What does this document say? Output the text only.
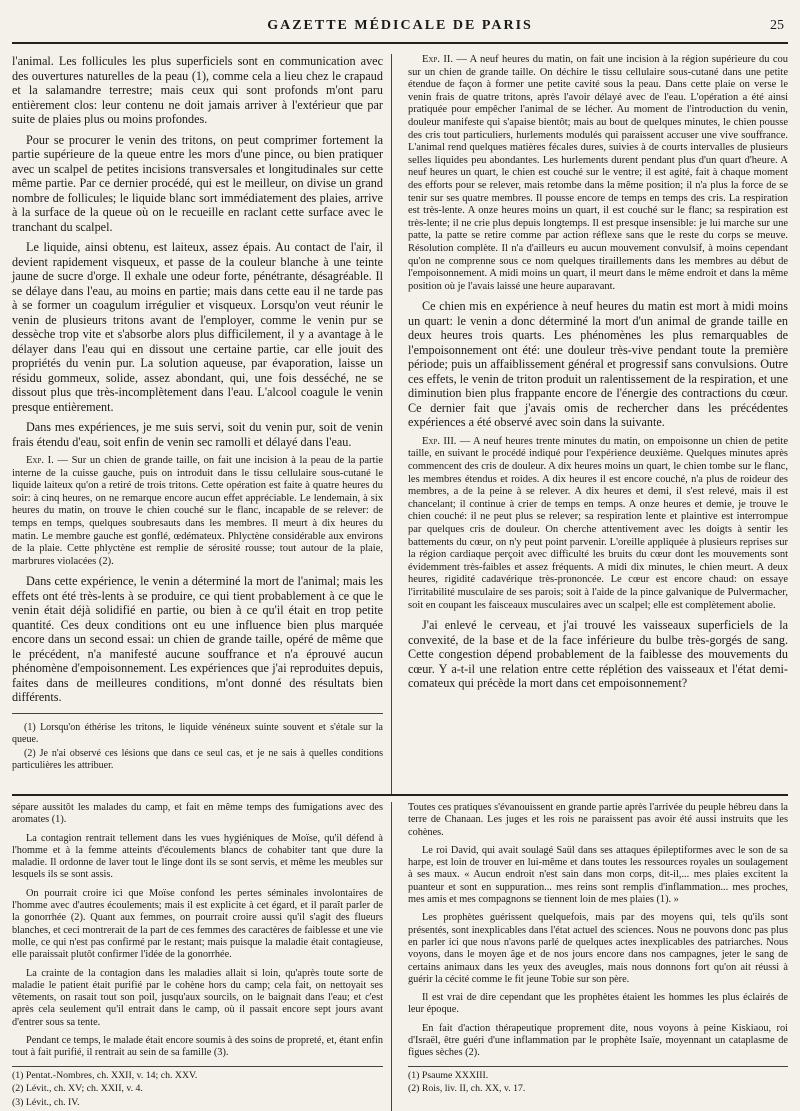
GAZETTE MÉDICALE DE PARIS	25

l'animal. Les follicules les plus superficiels sont en communication avec des ouvertures naturelles de la peau (1), comme cela a lieu chez le crapaud et la salamandre terrestre; mais ceux qui sont profonds m'ont paru entièrement clos: leur contenu ne doit jamais arriver à l'extérieur que par suite de plaies plus ou moins profondes.

Pour se procurer le venin des tritons, on peut comprimer fortement la partie supérieure de la queue entre les mors d'une pince, ou bien pratiquer avec un scalpel de petites incisions transversales et longitudinales sur cette même partie. Par ce dernier procédé, qui est le meilleur, on divise un grand nombre de follicules; le liquide blanc sort immédiatement des plaies, arrive à la surface de la queue où on le recueille en raclant cette surface avec le tranchant du scalpel.

Le liquide, ainsi obtenu, est laiteux, assez épais. Au contact de l'air, il devient rapidement visqueux, et passe de la couleur blanche à une teinte jaune de sucre d'orge. Il exhale une odeur forte, pénétrante, désagréable. Il se délaye dans l'eau, au moins en partie; mais dans cette eau il ne tarde pas à se former un coagulum irrégulier et visqueux. Lorsqu'on veut réunir le venin de plusieurs tritons avant de l'employer, comme le venin pur se dessèche trop vite et s'absorbe alors plus difficilement, il y a avantage à le délayer dans l'eau qui en dissout une certaine partie, car elle jouit des propriétés du venin pur. La solution aqueuse, par évaporation, laisse un résidu gommeux, solide, assez abondant, qui, une fois desséché, ne se dissout plus que très-incomplètement dans l'eau. L'alcool coagule le venin presque entièrement.

Dans mes expériences, je me suis servi, soit du venin pur, soit de venin frais étendu d'eau, soit enfin de venin sec ramolli et délayé dans l'eau.

Exp. I. — Sur un chien de grande taille, on fait une incision à la peau de la partie interne de la cuisse gauche, puis on introduit dans le tissu cellulaire sous-cutané le liquide laiteux qu'on a retiré de trois tritons. Cette opération est faite à quatre heures du soir: à cinq heures, on ne remarque encore aucun effet appréciable. Le lendemain, à six heures du matin, on trouve le chien couché sur le flanc, incapable de se relever: de temps en temps, quelques soubresauts dans les membres. Il meurt à dix heures du matin. Le membre gauche est gonflé, œdémateux. Phlyctène considérable aux environs de la plaie. Cette phlyctène est remplie de sérosité rousse; tout autour de la plaie, marbrures violacées (2).

Dans cette expérience, le venin a déterminé la mort de l'animal; mais les effets ont été très-lents à se produire, ce qui tient probablement à ce que le venin était déjà solidifié en partie, ou bien à ce qu'il était en trop petite quantité. Ces deux conditions ont eu une influence bien plus marquée encore dans un second essai: un chien de grande taille, opéré de même que le précédent, n'a manifesté aucune souffrance et n'a éprouvé aucun phénomène d'empoisonnement. Les expériences que j'ai reproduites depuis, faites dans de meilleures conditions, m'ont donné des résultats bien différents.

(1) Lorsqu'on éthérise les tritons, le liquide vénéneux suinte souvent et s'étale sur la queue.

(2) Je n'ai observé ces lésions que dans ce seul cas, et je ne sais à quelles conditions particulières les attribuer.

Exp. II. — A neuf heures du matin, on fait une incision à la région supérieure du cou sur un chien de grande taille. On déchire le tissu cellulaire sous-cutané dans une petite étendue de façon à former une petite cavité sous la peau. Dans cette plaie on verse le venin frais de quatre tritons, après l'avoir délayé avec de l'eau. L'opération a été ainsi pratiquée pour empêcher l'animal de se lécher. Au moment de l'introduction du venin, douleur manifeste qui s'apaise bientôt; mais au bout de quelques minutes, le chien pousse des cris tout particuliers, hurlements modulés qui paraissent accuser une vive souffrance. L'animal rend quelques matières fécales dures, suivies à de courts intervalles de plusieurs selles liquides peu abondantes. Les hurlements durent pendant plus d'un quart d'heure. A neuf heures un quart, le chien est couché sur le ventre; il est agité, fait à chaque moment des efforts pour se relever, mais retombe dans la même position; il n'a plus la force de se tenir sur ses quatre membres. Il pousse encore de temps en temps des cris. La respiration est très-lente. A onze heures moins un quart, il est couché sur le flanc; sa respiration est très-lente; il ne crie plus depuis longtemps. Il est presque insensible: je lui marche sur une patte, la patte se retire comme par action réflexe sans que le reste du corps se meuve. Résolution complète. Il n'a d'ailleurs eu aucun mouvement convulsif, à moins cependant qu'on ne comprenne sous ce nom quelques tiraillements dans les membres au début de l'empoisonnement. A midi moins un quart, il meurt dans le même endroit et dans la même position où je l'avais laissé une heure auparavant.

Ce chien mis en expérience à neuf heures du matin est mort à midi moins un quart: le venin a donc déterminé la mort d'un animal de grande taille en deux heures trois quarts. Les phénomènes les plus remarquables de l'empoisonnement ont été: une douleur très-vive pendant toute la première période; puis un affaiblissement général et progressif sans convulsions. Outre ces effets, le venin de triton produit un ralentissement de la respiration, et une diminution bien plus frappante encore de l'énergie des contractions du cœur. Ce dernier fait que j'avais omis de rechercher dans les précédentes expériences a été observé avec soin dans la suivante.

Exp. III. — A neuf heures trente minutes du matin, on empoisonne un chien de petite taille, en suivant le procédé indiqué pour l'expérience deuxième. Quelques minutes après commencent des cris de douleur. A dix heures moins un quart, le chien tombe sur le flanc, les membres étendus et roides. A dix heures il est encore couché, n'a plus de roideur des membres, a de la peine à se relever. A dix heures et demi, il s'est relevé, mais il est chancelant; il continue à crier de temps en temps. A onze heures et demie, je trouve le chien couché: il ne peut plus se relever; sa respiration lente et plaintive est interrompue par quelques cris de douleur. On cherche attentivement avec les doigts à sentir les battements du cœur, on n'y peut point parvenir. L'oreille appliquée à plusieurs reprises sur la région cardiaque perçoit avec difficulté les bruits du cœur dont les mouvements sont évidemment très-faibles et assez fréquents. A midi dix minutes, le chien meurt. A deux heures, rigidité cadavérique très-prononcée. Le cœur est encore chaud: on essaye l'irritabilité musculaire de ses parois; soit à l'aide de la pince galvanique de Pulvermacher, soit en coupant les faisceaux musculaires avec un scalpel; elle est complètement abolie.

J'ai enlevé le cerveau, et j'ai trouvé les vaisseaux superficiels de la convexité, de la base et de la face inférieure du bulbe très-gorgés de sang. Cette congestion dépend probablement de la faiblesse des mouvements du cœur. Y a-t-il une relation entre cette réplétion des vaisseaux et l'état demi-comateux qui précède la mort dans cet empoisonnement?

sépare aussitôt les malades du camp, et fait en même temps des fumigations avec des aromates (1).

La contagion rentrait tellement dans les vues hygiéniques de Moïse, qu'il défend à l'homme et à la femme atteints d'écoulements blancs de cohabiter tant que dure la maladie. Il ordonne de laver tout le linge dont ils se sont servis, et même les meubles sur lesquels ils se sont assis.

On pourrait croire ici que Moïse confond les pertes séminales involontaires de l'homme avec d'autres écoulements; mais il est explicite à cet égard, et il paraît parler de la gonorrhée (2). Quant aux femmes, on pourrait croire aussi qu'il s'agit des flueurs blanches, et ceci montrerait de la part de ces femmes des caractères de faiblesse et une vie molle, ce qui n'est pas confirmé par le restant; mais puisque la maladie était contagieuse, elle paraissait plutôt confirmer l'idée de la gonorrhée.

La crainte de la contagion dans les maladies allait si loin, qu'après toute sorte de maladie le patient était purifié par le cohène hors du camp; cela fait, on nettoyait ses vêtements, on rasait tout son poil, jusqu'aux sourcils, on le baignait dans l'eau; et c'est après cela seulement qu'il entrait dans le camp, où il passait encore sept jours avant d'entrer sous sa tente.

Pendant ce temps, le malade était encore soumis à des soins de propreté, et, étant enfin tout à fait purifié, il rentrait au sein de sa famille (3).

(1) Pentat.-Nombres, ch. XXII, v. 14; ch. XXV.

(2) Lévit., ch. XV; ch. XXII, v. 4.

(3) Lévit., ch. IV.

Toutes ces pratiques s'évanouissent en grande partie après l'arrivée du peuple hébreu dans la terre de Chanaan. Les juges et les rois ne paraissent pas avoir été aussi instruits que les cohènes.

Le roi David, qui avait soulagé Saül dans ses attaques épileptiformes avec le son de sa harpe, est loin de trouver en lui-même et dans toutes les ressources royales un soulagement à ses maux. « Aucun endroit n'est sain dans mon corps, dit-il,... mes plaies excitent la puanteur et sont en suppuration... mes reins sont remplis d'inflammation... mes proches, mes amis et mes compagnons se tiennent loin de mes plaies (1). »

Les prophètes guérissent quelquefois, mais par des moyens qui, tels qu'ils sont présentés, sont inexplicables dans l'état actuel des sciences. Nous ne pouvons donc pas plus en parler ici que nous n'avons parlé de quelques actes inexplicables des patriarches. Nous voyons, dans le moyen âge et de nos jours encore dans nos campagnes, jeter le sang de certains animaux dans les yeux des aveugles, mais nous donnons fort qu'on ait réussi à guérir la cécité comme le fit jeune Tobie sur son père.

Il est vrai de dire cependant que les prophètes étaient les hommes les plus éclairés de leur époque.

En fait d'action thérapeutique proprement dite, nous voyons à peine Kiskiaou, roi d'Israël, être guéri d'une inflammation par le prophète Isaïe, moyennant un cataplasme de figues sèches (2).

(1) Psaume XXXIII.

(2) Rois, liv. II, ch. XX, v. 17.
